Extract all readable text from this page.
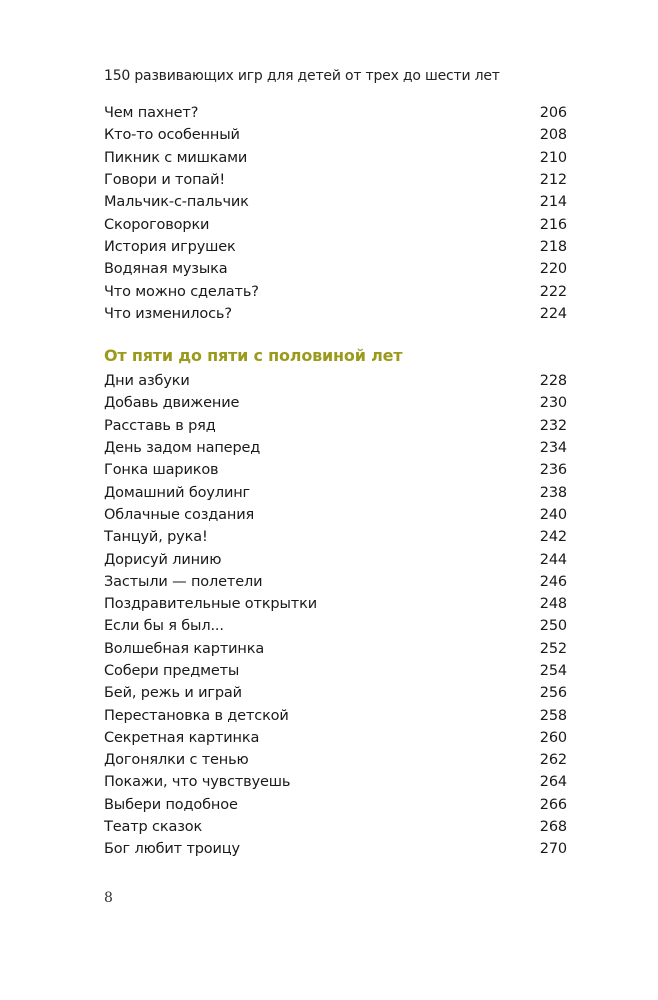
150 развивающих игр для детей от трех до шести лет
Чем пахнет?	206
Кто-то особенный	208
Пикник с мишками	210
Говори и топай!	212
Мальчик-с-пальчик	214
Скороговорки	216
История игрушек	218
Водяная музыка	220
Что можно сделать?	222
Что изменилось?	224
От пяти до пяти с половиной лет
Дни азбуки	228
Добавь движение	230
Расставь в ряд	232
День задом наперед	234
Гонка шариков	236
Домашний боулинг	238
Облачные создания	240
Танцуй, рука!	242
Дорисуй линию	244
Застыли — полетели	246
Поздравительные открытки	248
Если бы я был...	250
Волшебная картинка	252
Собери предметы	254
Бей, режь и играй	256
Перестановка в детской	258
Секретная картинка	260
Догонялки с тенью	262
Покажи, что чувствуешь	264
Выбери подобное	266
Театр сказок	268
Бог любит троицу	270
8
